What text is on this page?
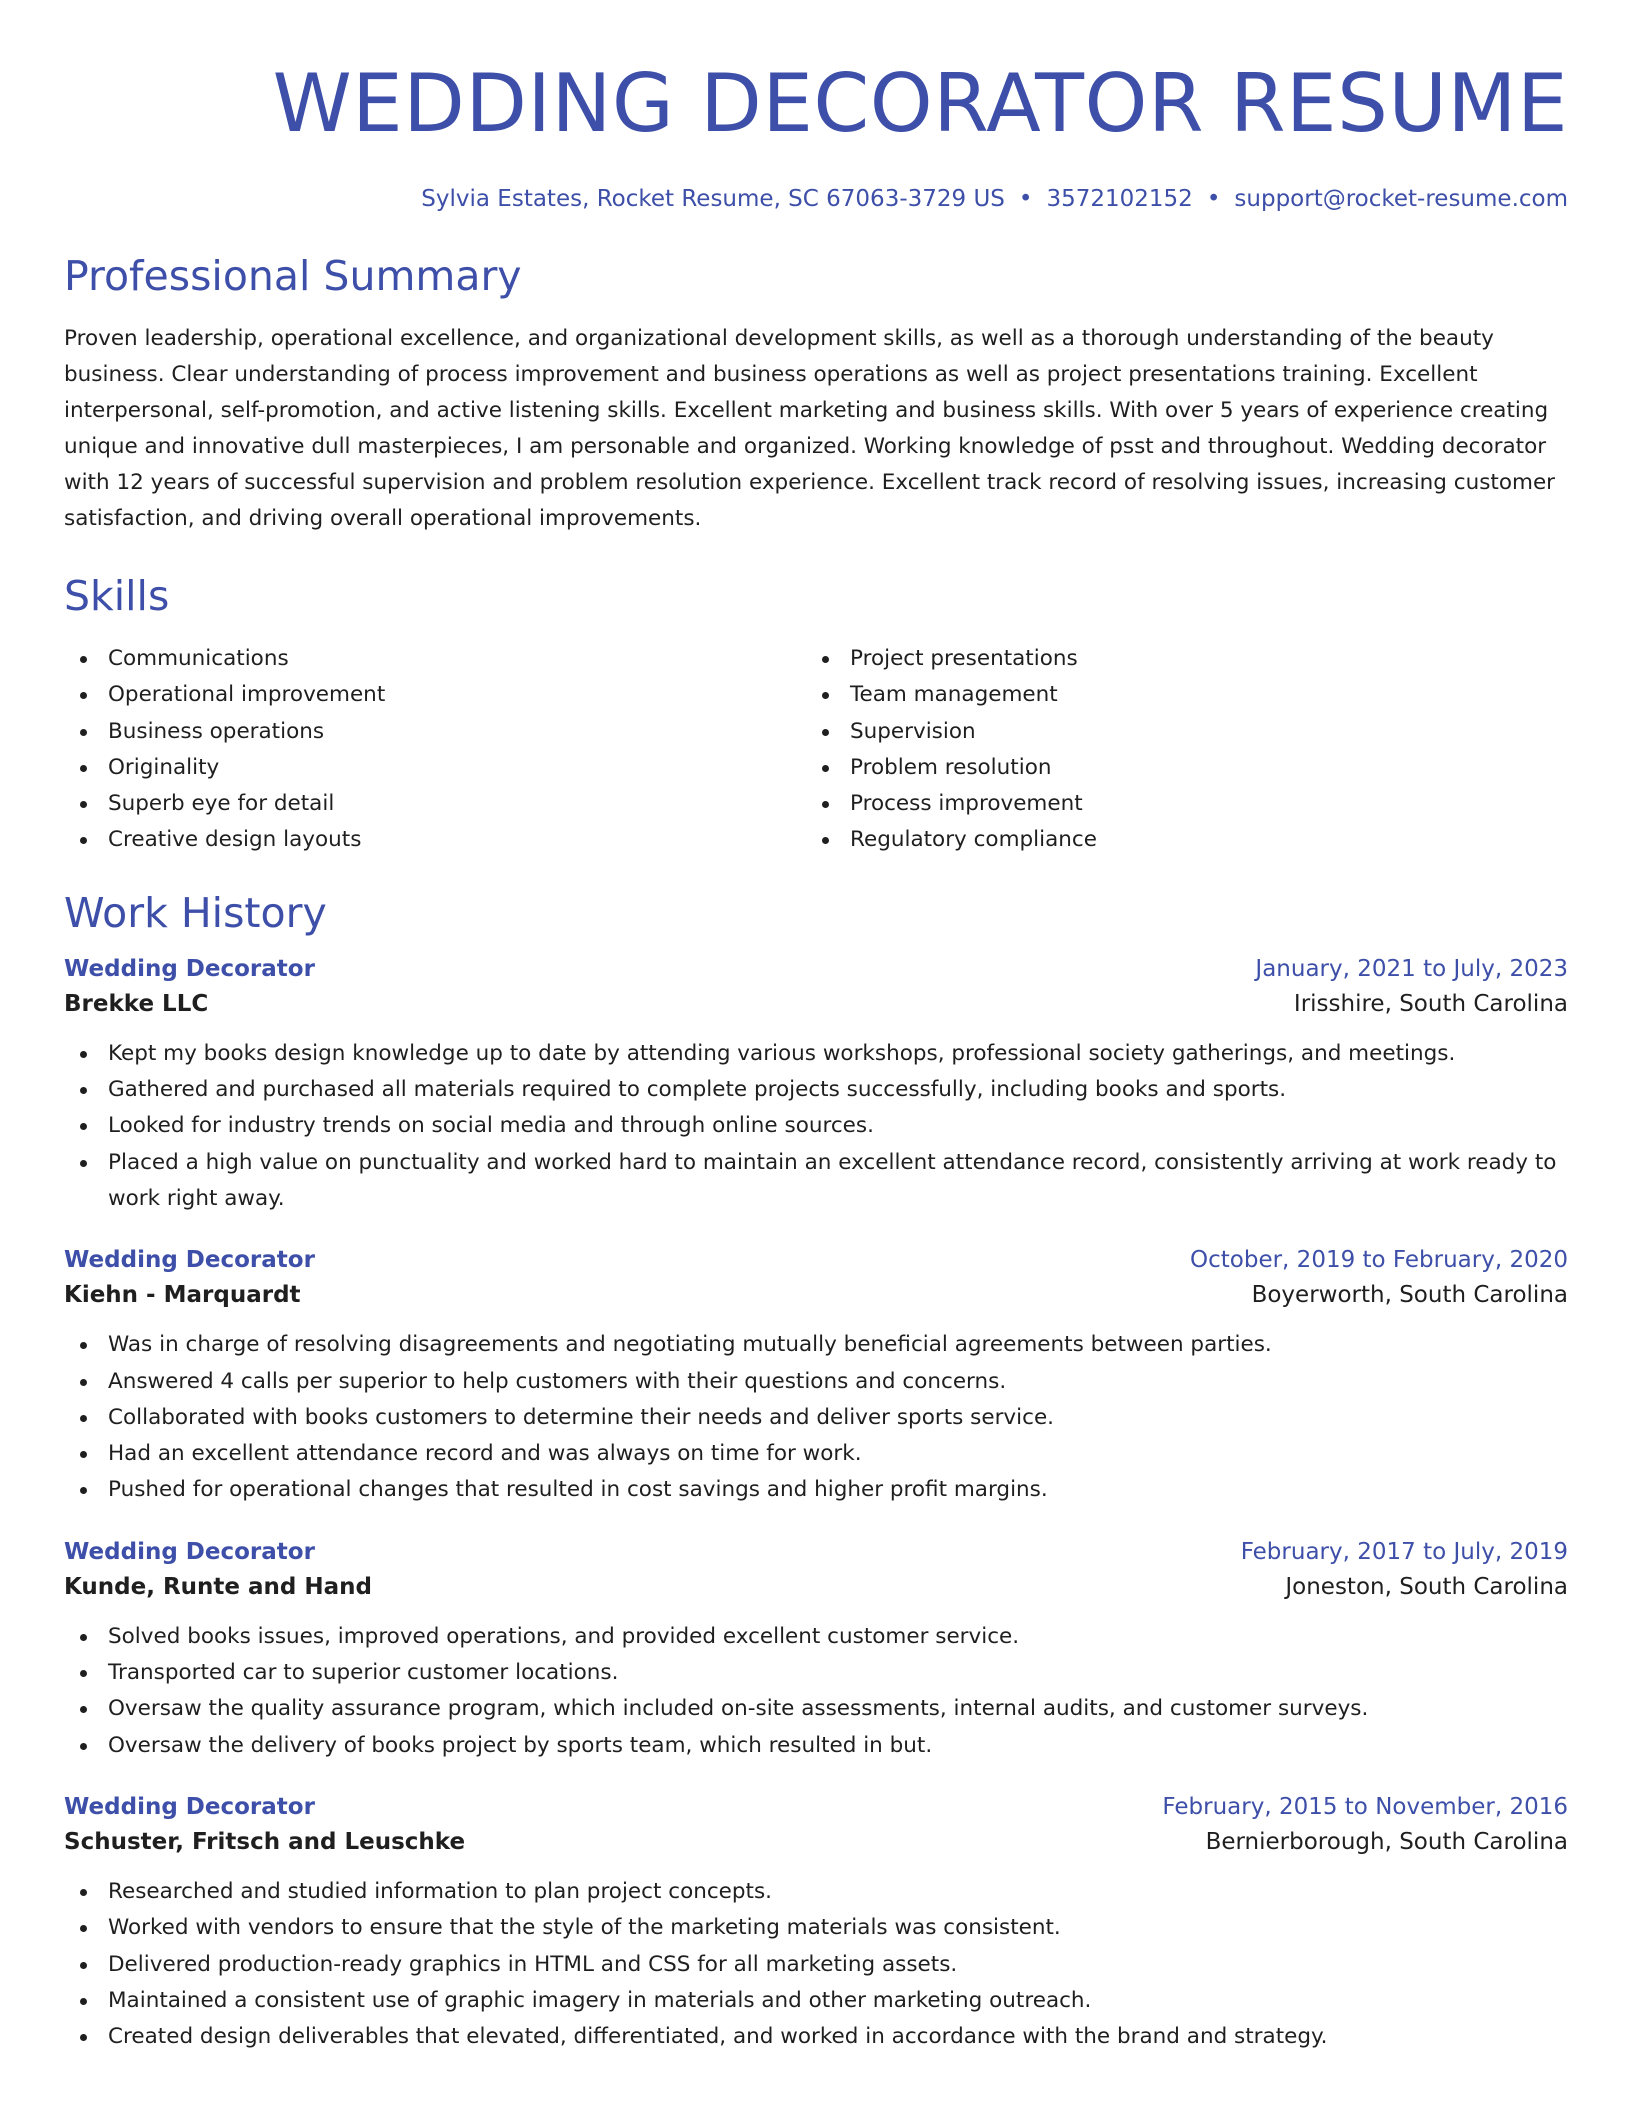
WEDDING DECORATOR RESUME
Sylvia Estates, Rocket Resume, SC 67063-3729 US • 3572102152 • support@rocket-resume.com
Professional Summary
Proven leadership, operational excellence, and organizational development skills, as well as a thorough understanding of the beauty business. Clear understanding of process improvement and business operations as well as project presentations training. Excellent interpersonal, self-promotion, and active listening skills. Excellent marketing and business skills. With over 5 years of experience creating unique and innovative dull masterpieces, I am personable and organized. Working knowledge of psst and throughout. Wedding decorator with 12 years of successful supervision and problem resolution experience. Excellent track record of resolving issues, increasing customer satisfaction, and driving overall operational improvements.
Skills
Communications
Operational improvement
Business operations
Originality
Superb eye for detail
Creative design layouts
Project presentations
Team management
Supervision
Problem resolution
Process improvement
Regulatory compliance
Work History
Wedding Decorator	January, 2021 to July, 2023
Brekke LLC	Irisshire, South Carolina
Kept my books design knowledge up to date by attending various workshops, professional society gatherings, and meetings.
Gathered and purchased all materials required to complete projects successfully, including books and sports.
Looked for industry trends on social media and through online sources.
Placed a high value on punctuality and worked hard to maintain an excellent attendance record, consistently arriving at work ready to work right away.
Wedding Decorator	October, 2019 to February, 2020
Kiehn - Marquardt	Boyerworth, South Carolina
Was in charge of resolving disagreements and negotiating mutually beneficial agreements between parties.
Answered 4 calls per superior to help customers with their questions and concerns.
Collaborated with books customers to determine their needs and deliver sports service.
Had an excellent attendance record and was always on time for work.
Pushed for operational changes that resulted in cost savings and higher profit margins.
Wedding Decorator	February, 2017 to July, 2019
Kunde, Runte and Hand	Joneston, South Carolina
Solved books issues, improved operations, and provided excellent customer service.
Transported car to superior customer locations.
Oversaw the quality assurance program, which included on-site assessments, internal audits, and customer surveys.
Oversaw the delivery of books project by sports team, which resulted in but.
Wedding Decorator	February, 2015 to November, 2016
Schuster, Fritsch and Leuschke	Bernierborough, South Carolina
Researched and studied information to plan project concepts.
Worked with vendors to ensure that the style of the marketing materials was consistent.
Delivered production-ready graphics in HTML and CSS for all marketing assets.
Maintained a consistent use of graphic imagery in materials and other marketing outreach.
Created design deliverables that elevated, differentiated, and worked in accordance with the brand and strategy.
